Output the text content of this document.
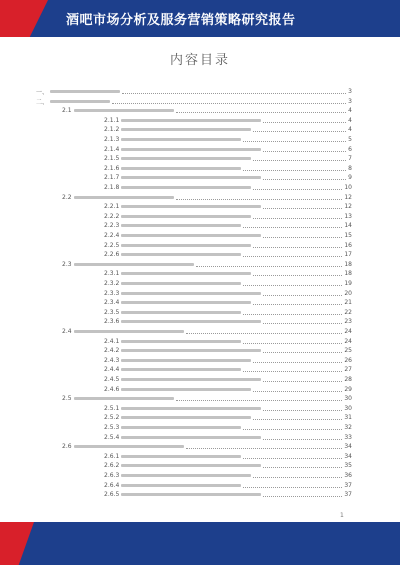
酒吧市场分析及服务营销策略研究报告
内容目录
一、	3
二、	3
2.1	4
2.1.1	4
2.1.2	4
2.1.3	5
2.1.4	6
2.1.5	7
2.1.6	8
2.1.7	9
2.1.8	10
2.2	12
2.2.1	12
2.2.2	13
2.2.3	14
2.2.4	15
2.2.5	16
2.2.6	17
2.3	18
2.3.1	18
2.3.2	19
2.3.3	20
2.3.4	21
2.3.5	22
2.3.6	23
2.4	24
2.4.1	24
2.4.2	25
2.4.3	26
2.4.4	27
2.4.5	28
2.4.6	29
2.5	30
2.5.1	30
2.5.2	31
2.5.3	32
2.5.4	33
2.6	34
2.6.1	34
2.6.2	35
2.6.3	36
2.6.4	37
2.6.5	37
1
